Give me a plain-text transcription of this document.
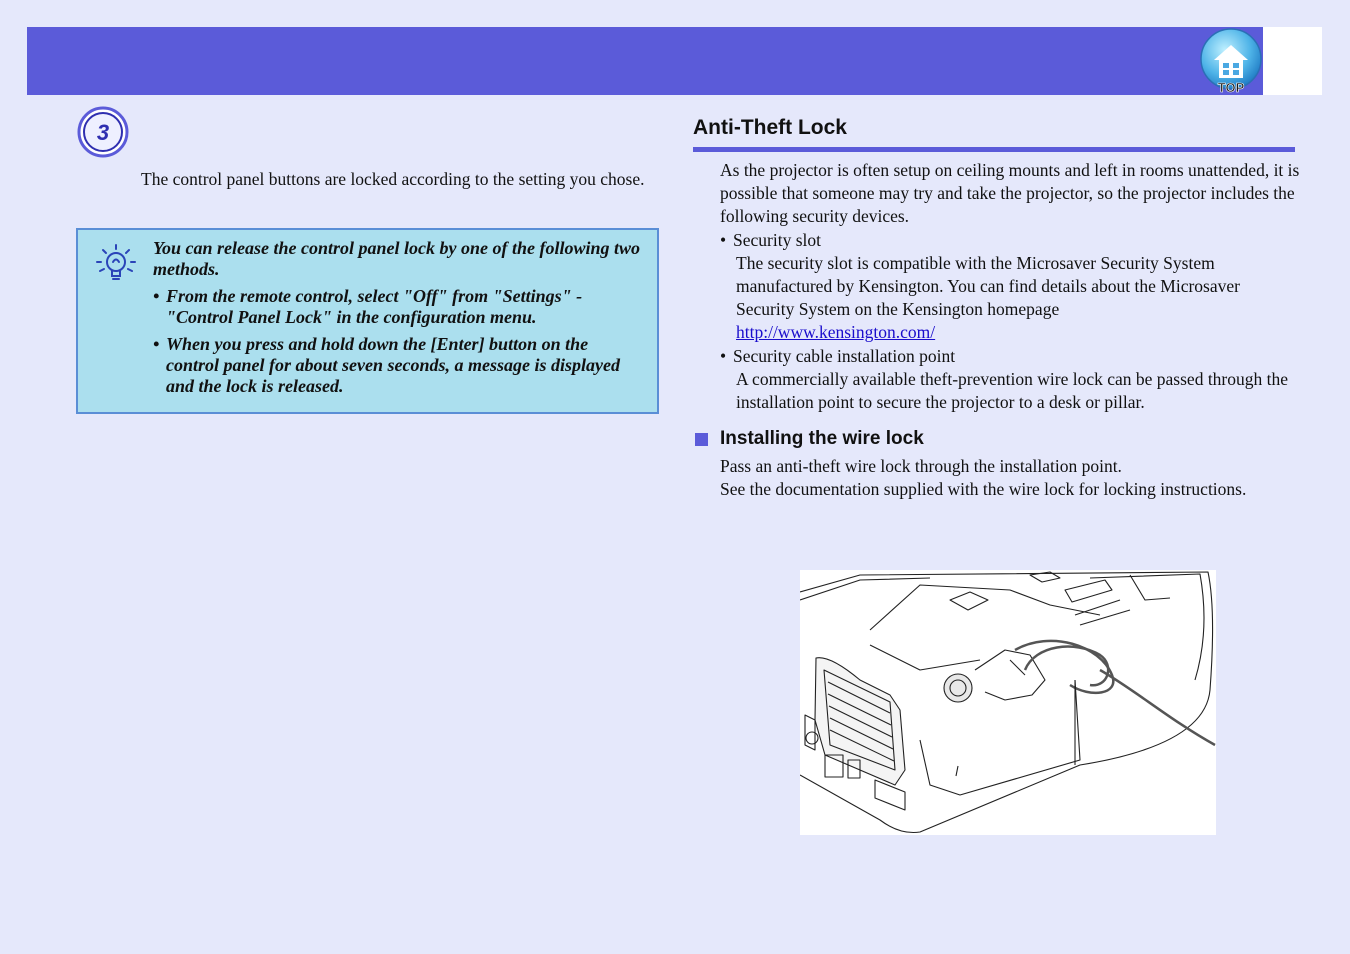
TOP
3

The control panel buttons are locked according to the setting you chose.

You can release the control panel lock by one of the following two methods.

• From the remote control, select "Off" from "Settings" - "Control Panel Lock" in the configuration menu.
• When you press and hold down the [Enter] button on the control panel for about seven seconds, a message is displayed and the lock is released.
Anti-Theft Lock

As the projector is often setup on ceiling mounts and left in rooms unattended, it is possible that someone may try and take the projector, so the projector includes the following security devices.

• Security slot
The security slot is compatible with the Microsaver Security System manufactured by Kensington. You can find details about the Microsaver Security System on the Kensington homepage
http://www.kensington.com/
• Security cable installation point
A commercially available theft-prevention wire lock can be passed through the installation point to secure the projector to a desk or pillar.
Installing the wire lock

Pass an anti-theft wire lock through the installation point.

See the documentation supplied with the wire lock for locking instructions.
